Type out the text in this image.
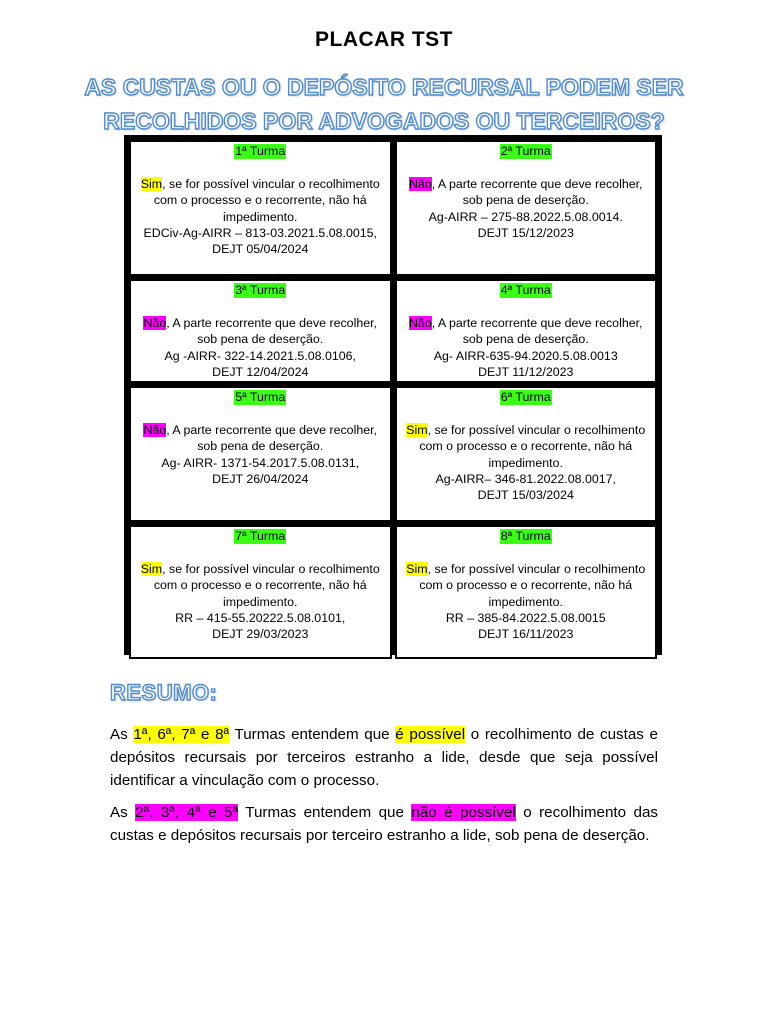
PLACAR TST
AS CUSTAS OU O DEPÓSITO RECURSAL PODEM SER
RECOLHIDOS POR ADVOGADOS OU TERCEIROS?
1ª Turma
Sim, se for possível vincular o recolhimento
com o processo e o recorrente, não há
impedimento.
EDCiv-Ag-AIRR – 813-03.2021.5.08.0015,
DEJT 05/04/2024
2ª Turma
Não, A parte recorrente que deve recolher,
sob pena de deserção.
Ag-AIRR – 275-88.2022.5.08.0014.
DEJT 15/12/2023
3ª Turma
Não, A parte recorrente que deve recolher,
sob pena de deserção.
Ag -AIRR- 322-14.2021.5.08.0106,
DEJT 12/04/2024
4ª Turma
Não, A parte recorrente que deve recolher,
sob pena de deserção.
Ag- AIRR-635-94.2020.5.08.0013
DEJT 11/12/2023
5ª Turma
Não, A parte recorrente que deve recolher,
sob pena de deserção.
Ag- AIRR- 1371-54.2017.5.08.0131,
DEJT 26/04/2024
6ª Turma
Sim, se for possível vincular o recolhimento
com o processo e o recorrente, não há
impedimento.
Ag-AIRR– 346-81.2022.08.0017,
DEJT 15/03/2024
7ª Turma
Sim, se for possível vincular o recolhimento
com o processo e o recorrente, não há
impedimento.
RR – 415-55.20222.5.08.0101,
DEJT 29/03/2023
8ª Turma
Sim, se for possível vincular o recolhimento
com o processo e o recorrente, não há
impedimento.
RR – 385-84.2022.5.08.0015
DEJT 16/11/2023
RESUMO:
As 1ª, 6ª, 7ª e 8ª Turmas entendem que é possível o recolhimento de custas e depósitos recursais por terceiros estranho a lide, desde que seja possível identificar a vinculação com o processo.
As 2ª, 3ª, 4ª e 5ª Turmas entendem que não é possível o recolhimento das custas e depósitos recursais por terceiro estranho a lide, sob pena de deserção.
